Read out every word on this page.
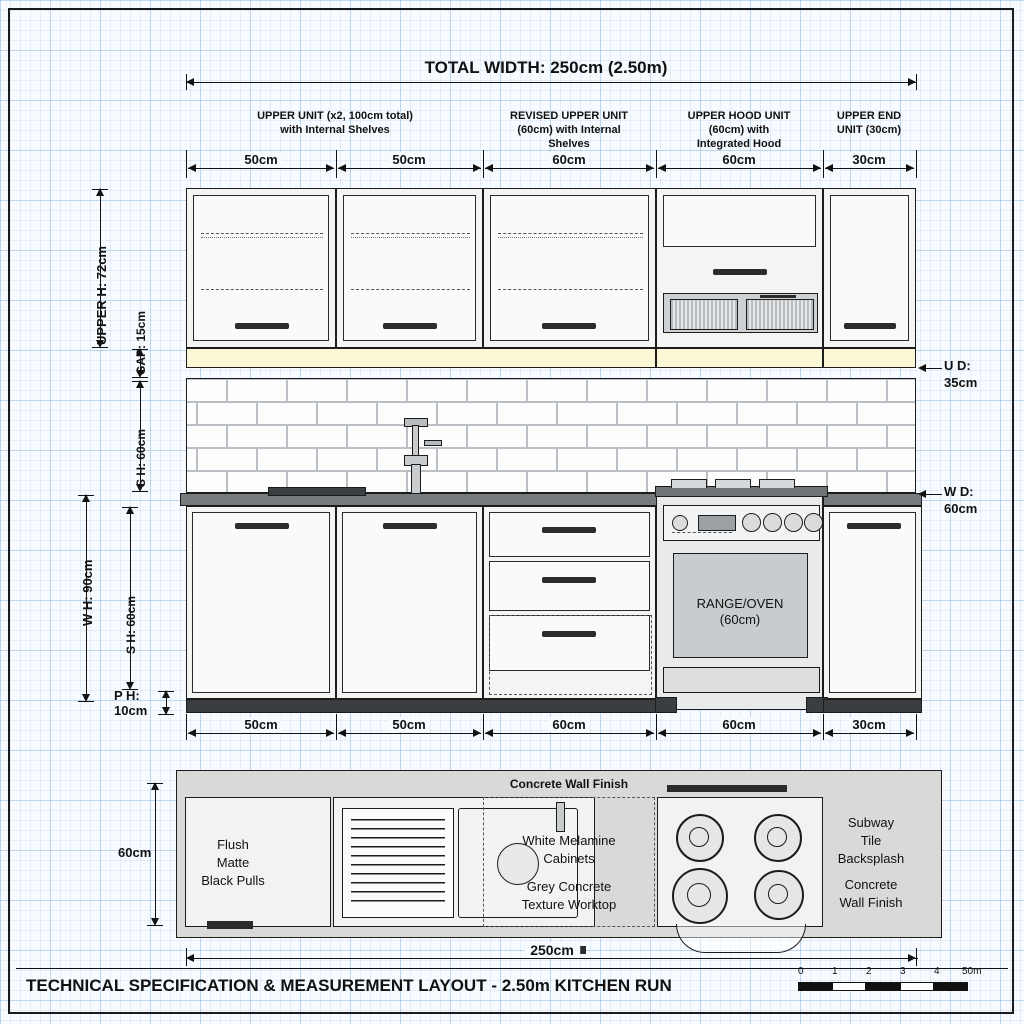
TOTAL WIDTH: 250cm (2.50m)
UPPER UNIT (x2, 100cm total)
with Internal Shelves
REVISED UPPER UNIT
(60cm) with Internal
Shelves
UPPER HOOD UNIT
(60cm) with
Integrated Hood
UPPER END
UNIT (30cm)
50cm	50cm	60cm	60cm	30cm
RANGE/OVEN
(60cm)
50cm	50cm	60cm	60cm	30cm
UPPER H: 72cm GAP: 15cm
S H: 60cm
W H: 90cm S H: 60cm
P H:
10cm
U D:
35cm
W D:
60cm
Concrete Wall Finish
White Melamine
Cabinets
Grey Concrete
Texture Worktop
Flush
Matte
Black Pulls
Subway
Tile
Backsplash
Concrete
Wall Finish
60cm
250cm
TECHNICAL SPECIFICATION & MEASUREMENT LAYOUT - 2.50m KITCHEN RUN
0	1	2	3	4 50m
